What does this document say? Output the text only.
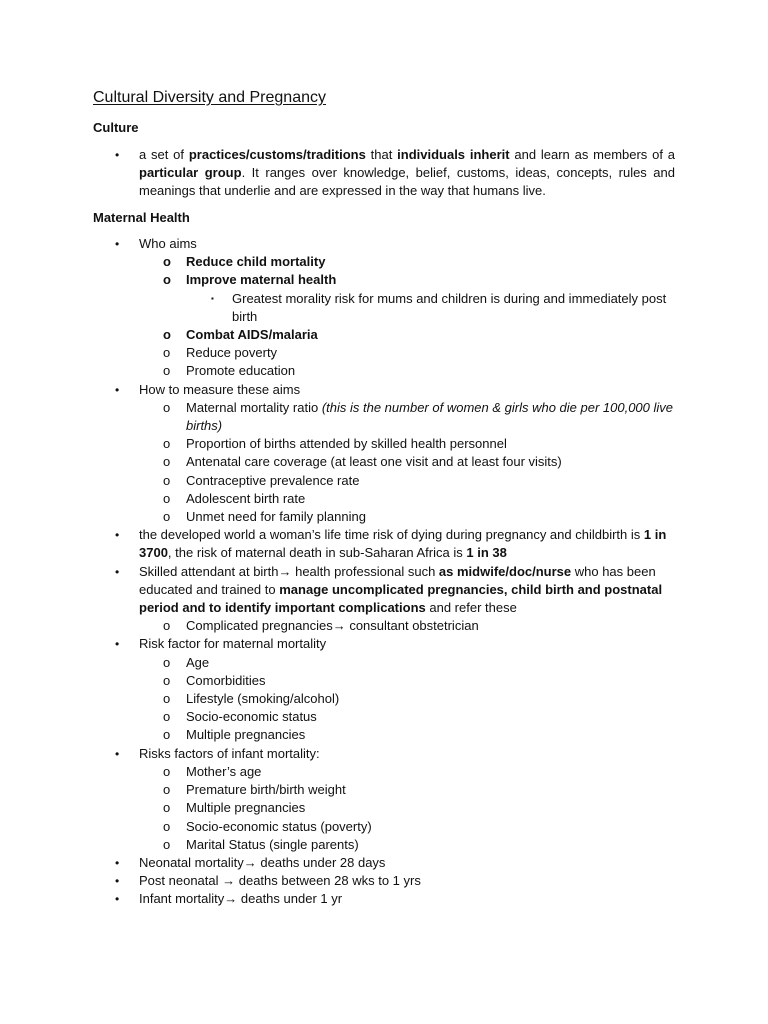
Cultural Diversity and Pregnancy
Culture
• a set of practices/customs/traditions that individuals inherit and learn as members of a particular group. It ranges over knowledge, belief, customs, ideas, concepts, rules and meanings that underlie and are expressed in the way that humans live.
Maternal Health
• Who aims
o Reduce child mortality
o Improve maternal health
▪ Greatest morality risk for mums and children is during and immediately post birth
o Combat AIDS/malaria
o Reduce poverty
o Promote education
• How to measure these aims
o Maternal mortality ratio (this is the number of women & girls who die per 100,000 live births)
o Proportion of births attended by skilled health personnel
o Antenatal care coverage (at least one visit and at least four visits)
o Contraceptive prevalence rate
o Adolescent birth rate
o Unmet need for family planning
• the developed world a woman’s life time risk of dying during pregnancy and childbirth is 1 in 3700, the risk of maternal death in sub-Saharan Africa is 1 in 38
• Skilled attendant at birth→ health professional such as midwife/doc/nurse who has been educated and trained to manage uncomplicated pregnancies, child birth and postnatal period and to identify important complications and refer these
o Complicated pregnancies→ consultant obstetrician
• Risk factor for maternal mortality
o Age
o Comorbidities
o Lifestyle (smoking/alcohol)
o Socio-economic status
o Multiple pregnancies
• Risks factors of infant mortality:
o Mother’s age
o Premature birth/birth weight
o Multiple pregnancies
o Socio-economic status (poverty)
o Marital Status (single parents)
• Neonatal mortality→ deaths under 28 days
• Post neonatal → deaths between 28 wks to 1 yrs
• Infant mortality→ deaths under 1 yr
